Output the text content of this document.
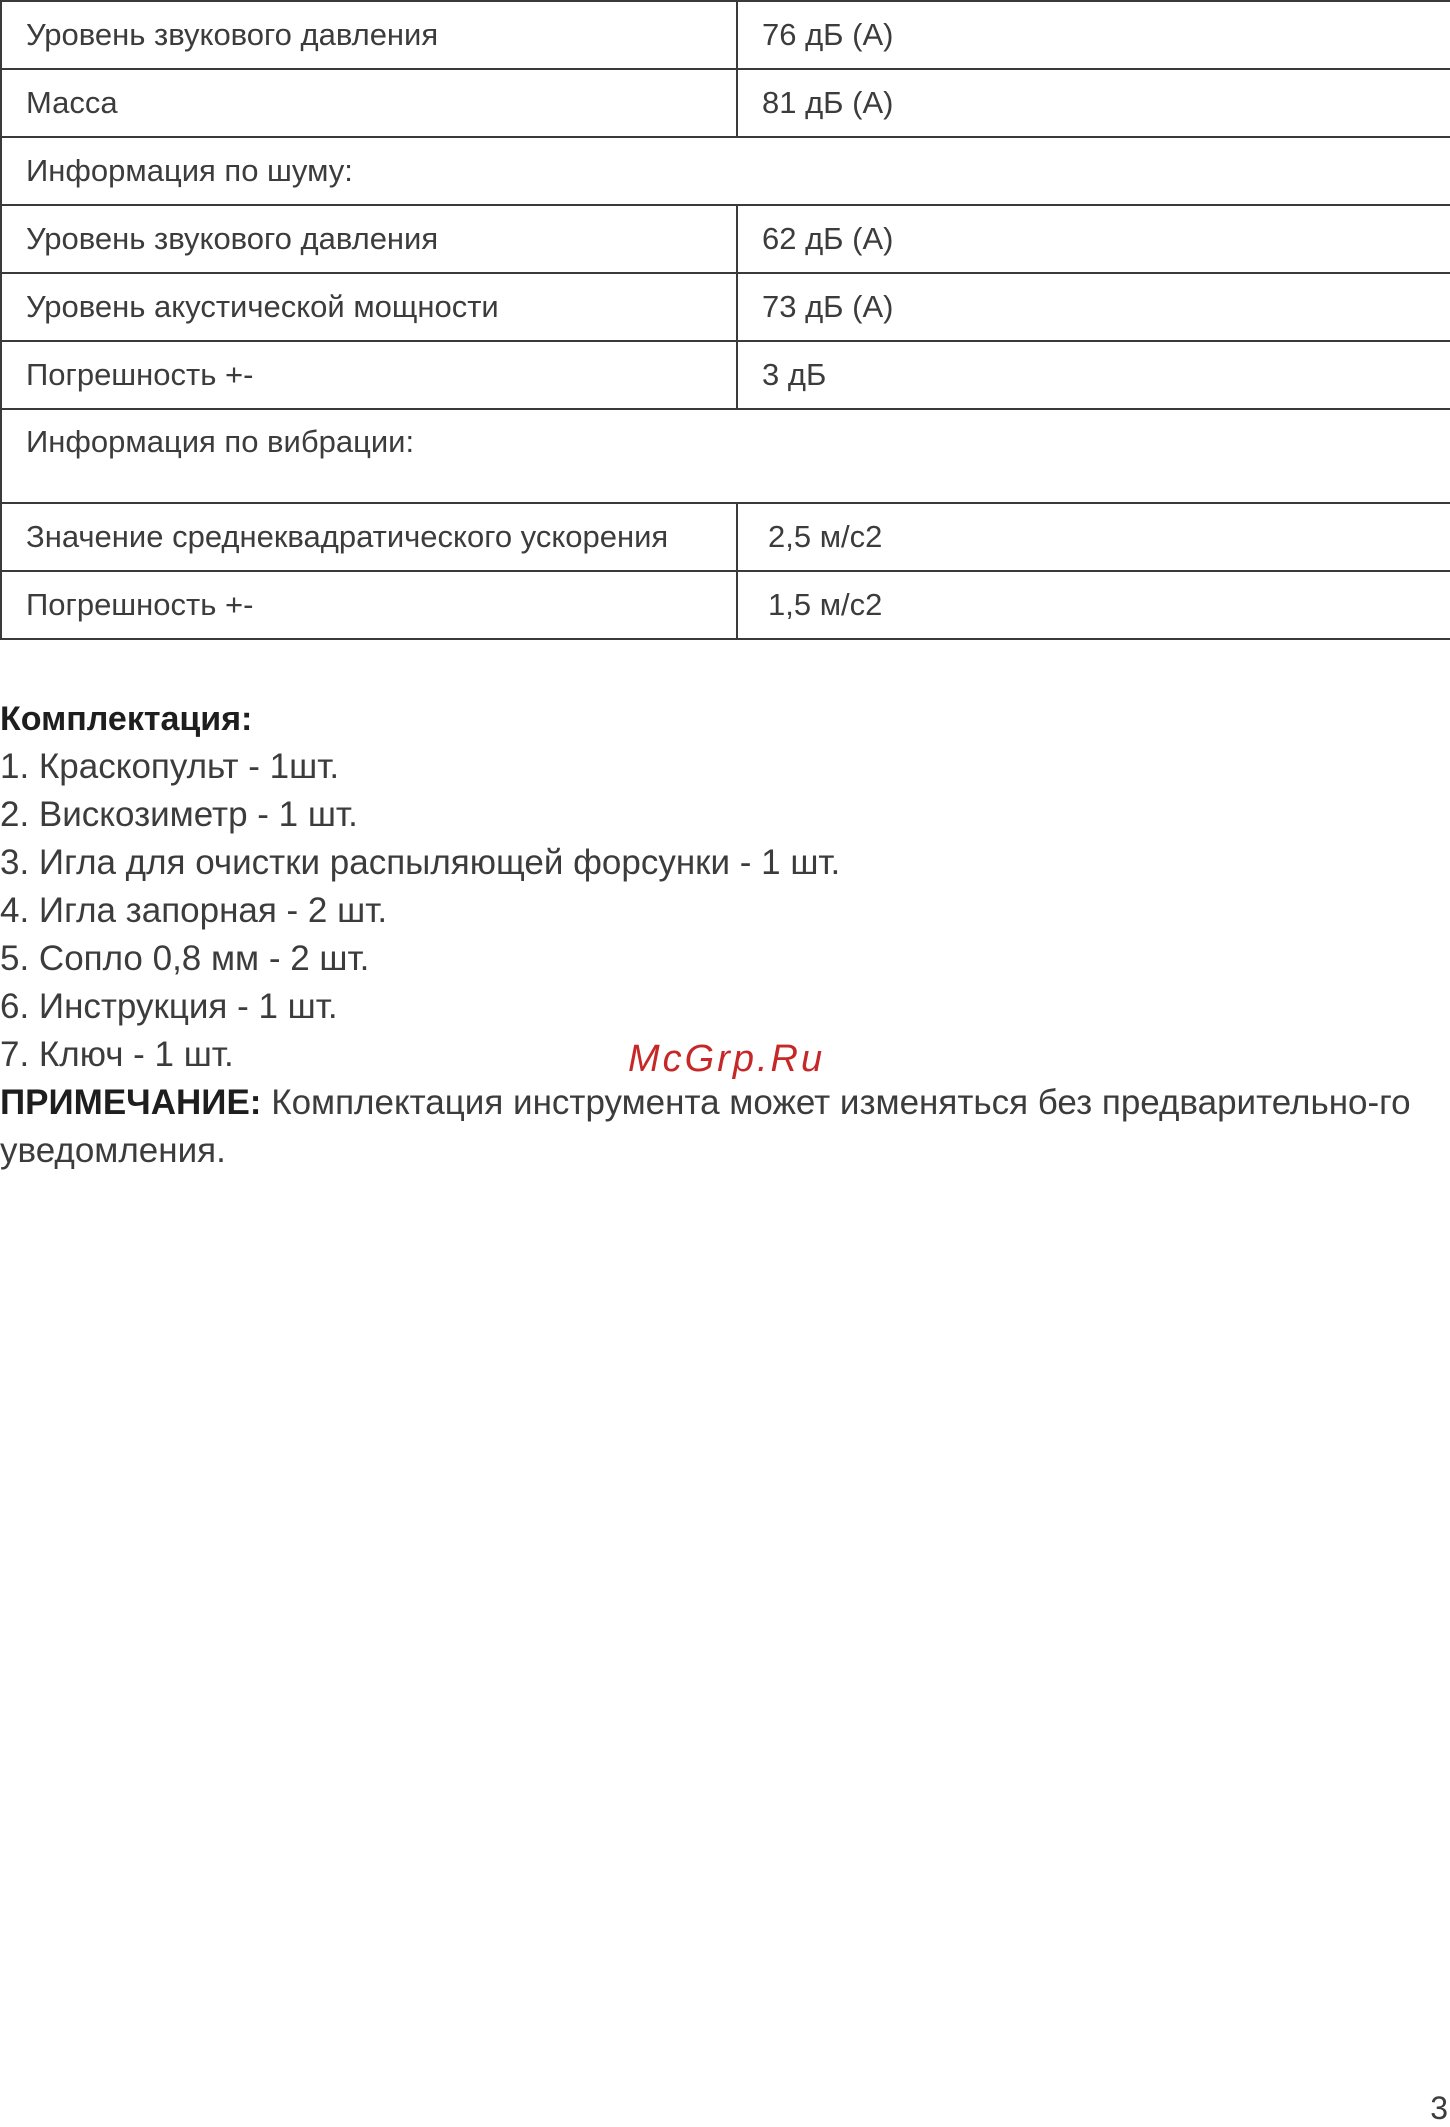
Уровень звукового давления	76 дБ (А)
Масса	81 дБ (А)
Информация по шуму:	
Уровень звукового давления	62 дБ (А)
Уровень акустической мощности	73 дБ (А)
Погрешность +-	3 дБ
Информация по вибрации:	
Значение среднеквадратического ускорения	2,5 м/с2
Погрешность +-	1,5 м/с2
Комплектация:
1. Краскопульт - 1шт.
2. Вискозиметр - 1 шт.
3. Игла для очистки распыляющей форсунки - 1 шт.
4. Игла запорная - 2 шт.
5. Сопло 0,8 мм - 2 шт.
6. Инструкция - 1 шт.
7. Ключ - 1 шт.

ПРИМЕЧАНИЕ: Комплектация инструмента может изменяться без предварительно-го уведомления.

McGrp.Ru
3
